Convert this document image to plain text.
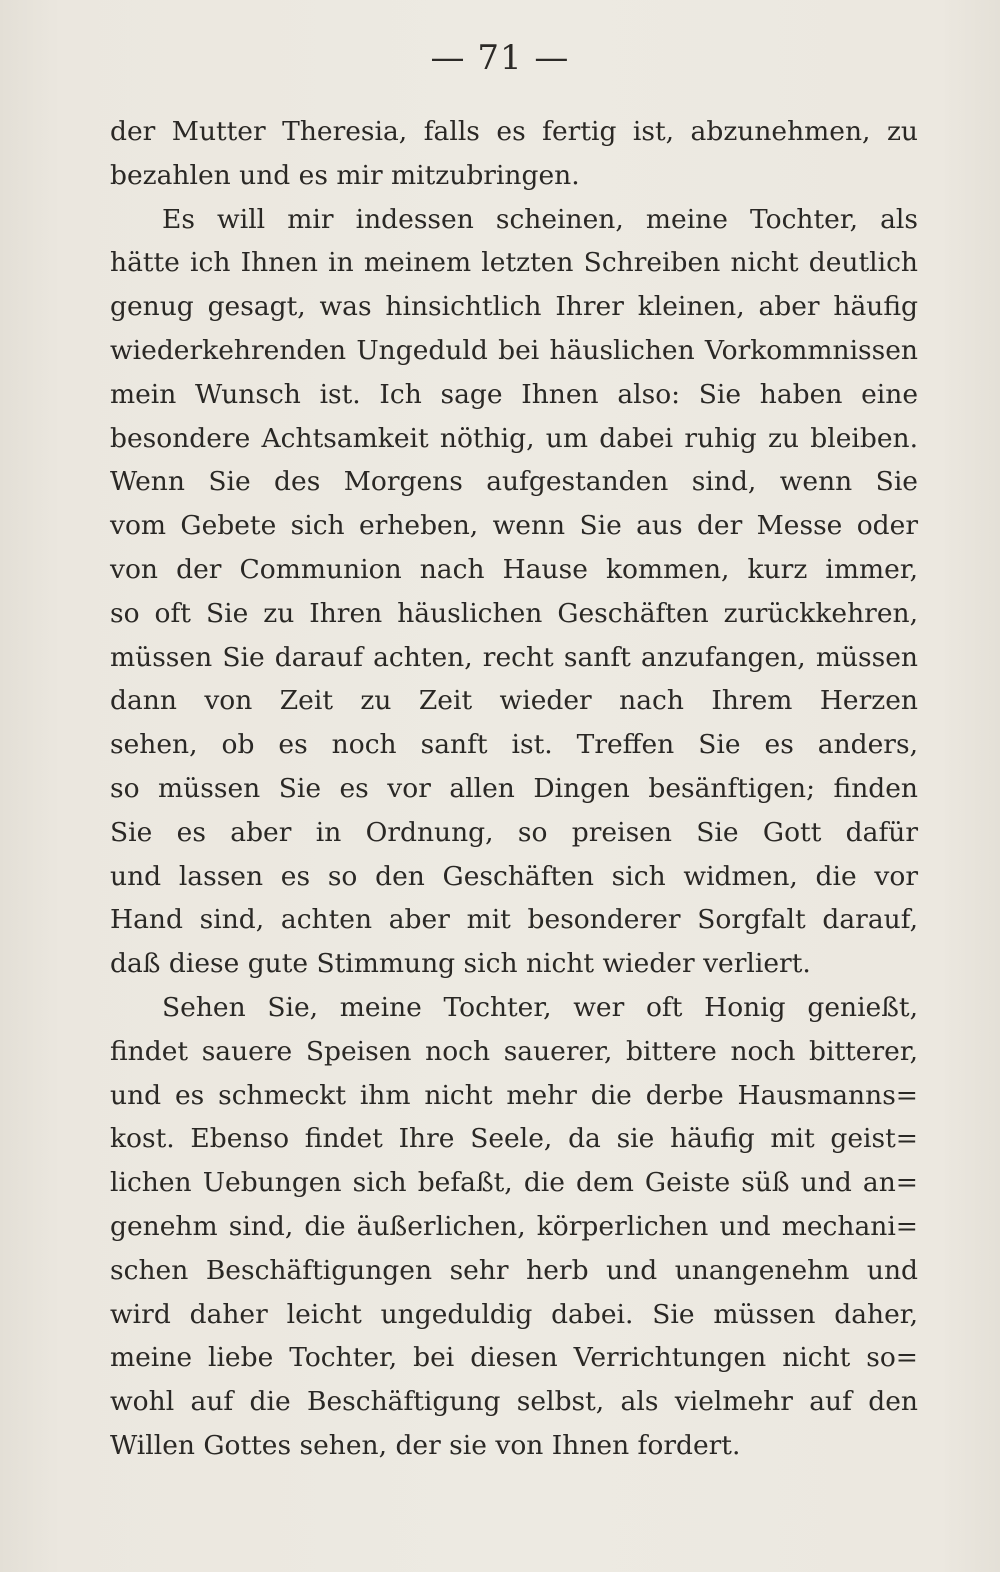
— 71 —
der Mutter Theresia, falls es fertig ist, abzunehmen, zu
bezahlen und es mir mitzubringen.
Es will mir indessen scheinen, meine Tochter, als
hätte ich Ihnen in meinem letzten Schreiben nicht deutlich
genug gesagt, was hinsichtlich Ihrer kleinen, aber häufig
wiederkehrenden Ungeduld bei häuslichen Vorkommnissen
mein Wunsch ist. Ich sage Ihnen also: Sie haben eine
besondere Achtsamkeit nöthig, um dabei ruhig zu bleiben.
Wenn Sie des Morgens aufgestanden sind, wenn Sie
vom Gebete sich erheben, wenn Sie aus der Messe oder
von der Communion nach Hause kommen, kurz immer,
so oft Sie zu Ihren häuslichen Geschäften zurückkehren,
müssen Sie darauf achten, recht sanft anzufangen, müssen
dann von Zeit zu Zeit wieder nach Ihrem Herzen
sehen, ob es noch sanft ist. Treffen Sie es anders,
so müssen Sie es vor allen Dingen besänftigen; finden
Sie es aber in Ordnung, so preisen Sie Gott dafür
und lassen es so den Geschäften sich widmen, die vor
Hand sind, achten aber mit besonderer Sorgfalt darauf,
daß diese gute Stimmung sich nicht wieder verliert.
Sehen Sie, meine Tochter, wer oft Honig genießt,
findet sauere Speisen noch sauerer, bittere noch bitterer,
und es schmeckt ihm nicht mehr die derbe Hausmanns=
kost. Ebenso findet Ihre Seele, da sie häufig mit geist=
lichen Uebungen sich befaßt, die dem Geiste süß und an=
genehm sind, die äußerlichen, körperlichen und mechani=
schen Beschäftigungen sehr herb und unangenehm und
wird daher leicht ungeduldig dabei. Sie müssen daher,
meine liebe Tochter, bei diesen Verrichtungen nicht so=
wohl auf die Beschäftigung selbst, als vielmehr auf den
Willen Gottes sehen, der sie von Ihnen fordert.
